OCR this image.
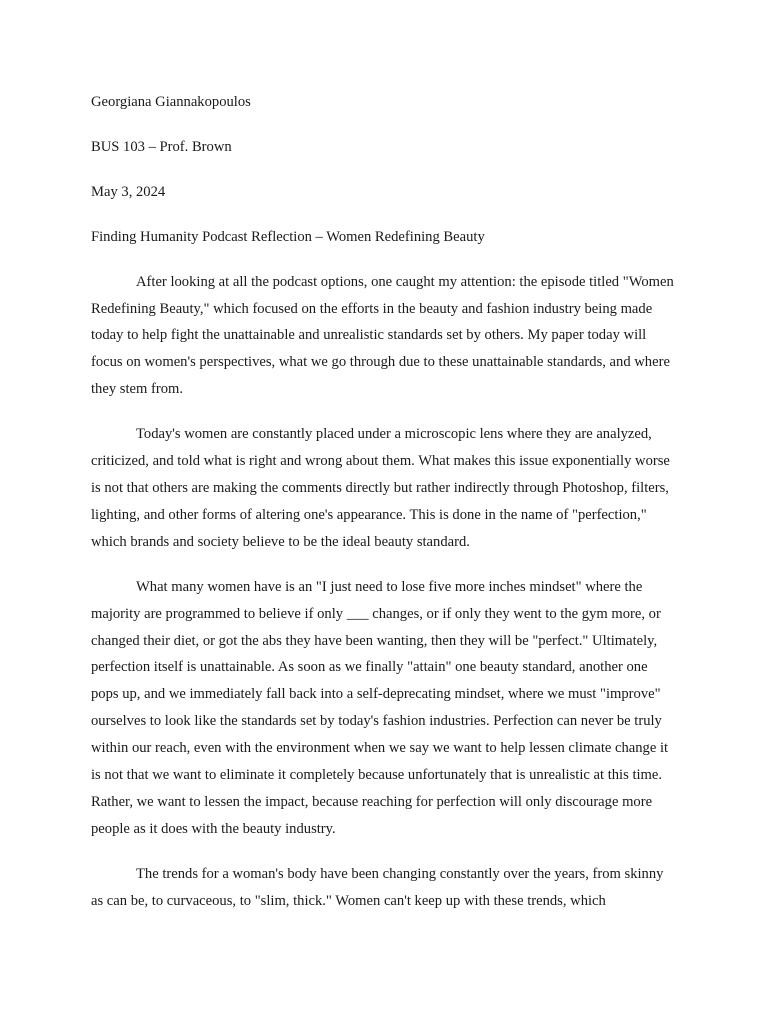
Georgiana Giannakopoulos

BUS 103 – Prof. Brown

May 3, 2024

Finding Humanity Podcast Reflection – Women Redefining Beauty

After looking at all the podcast options, one caught my attention: the episode titled "Women Redefining Beauty," which focused on the efforts in the beauty and fashion industry being made today to help fight the unattainable and unrealistic standards set by others. My paper today will focus on women's perspectives, what we go through due to these unattainable standards, and where they stem from.

Today's women are constantly placed under a microscopic lens where they are analyzed, criticized, and told what is right and wrong about them. What makes this issue exponentially worse is not that others are making the comments directly but rather indirectly through Photoshop, filters, lighting, and other forms of altering one's appearance. This is done in the name of "perfection," which brands and society believe to be the ideal beauty standard.

What many women have is an "I just need to lose five more inches mindset" where the majority are programmed to believe if only ___ changes, or if only they went to the gym more, or changed their diet, or got the abs they have been wanting, then they will be "perfect." Ultimately, perfection itself is unattainable. As soon as we finally "attain" one beauty standard, another one pops up, and we immediately fall back into a self-deprecating mindset, where we must "improve" ourselves to look like the standards set by today's fashion industries. Perfection can never be truly within our reach, even with the environment when we say we want to help lessen climate change it is not that we want to eliminate it completely because unfortunately that is unrealistic at this time. Rather, we want to lessen the impact, because reaching for perfection will only discourage more people as it does with the beauty industry.

The trends for a woman's body have been changing constantly over the years, from skinny as can be, to curvaceous, to "slim, thick." Women can't keep up with these trends, which
